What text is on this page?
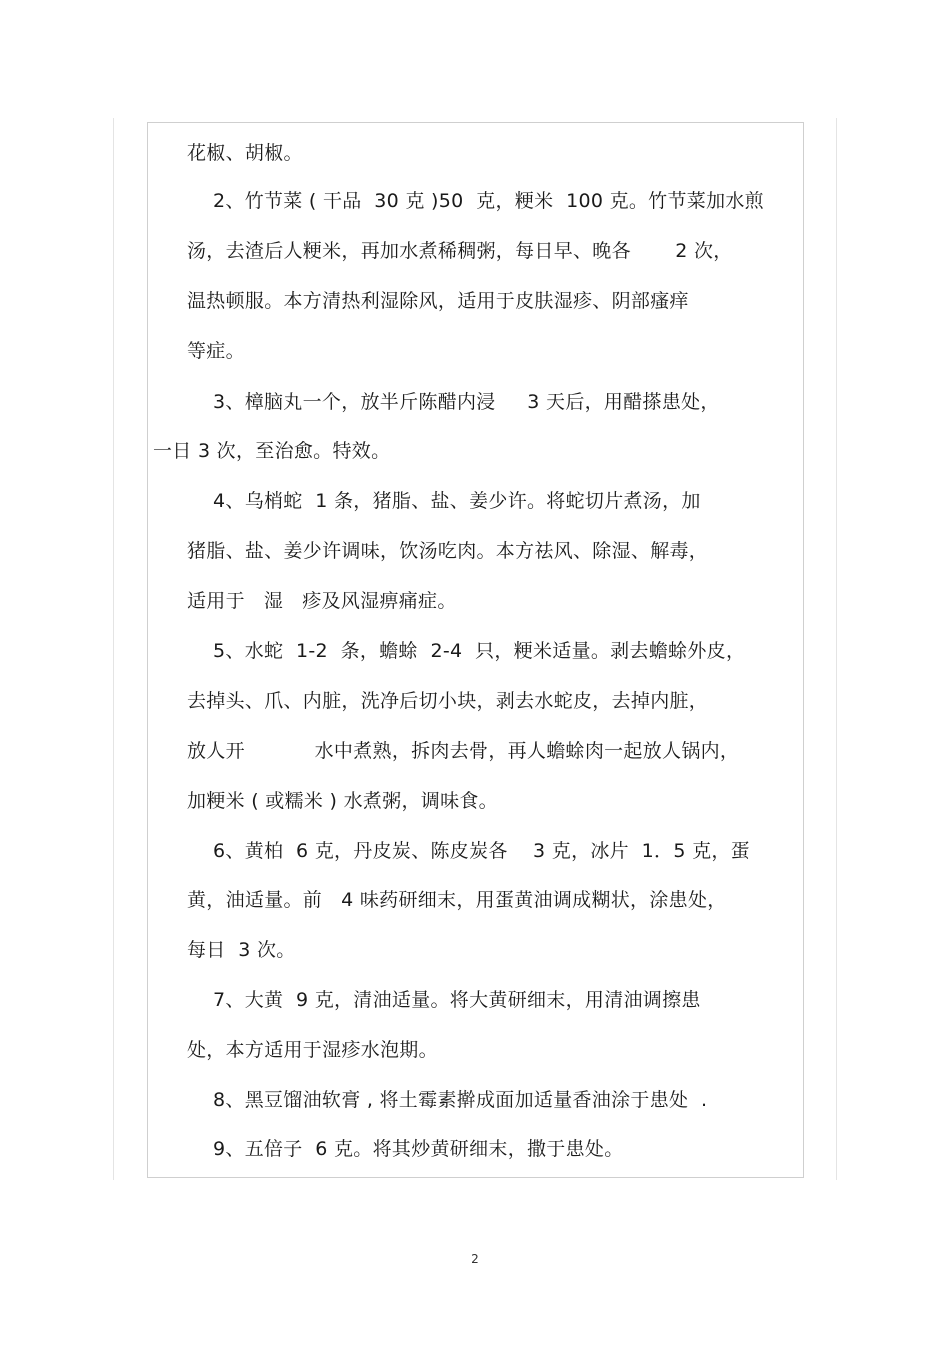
花椒、胡椒。
2、竹节菜 ( 干品  30 克 )50  克，粳米  100 克。竹节菜加水煎
汤，去渣后人粳米，再加水煮稀稠粥，每日早、晚各       2 次，
温热顿服。本方清热利湿除风，适用于皮肤湿疹、阴部瘙痒
等症。
3、樟脑丸一个，放半斤陈醋内浸     3 天后，用醋搽患处，
一日 3 次，至治愈。特效。
4、乌梢蛇  1 条，猪脂、盐、姜少许。将蛇切片煮汤，加
猪脂、盐、姜少许调味，饮汤吃肉。本方祛风、除湿、解毒，
适用于   湿   疹及风湿痹痛症。
5、水蛇  1-2  条，蟾蜍  2-4  只，粳米适量。剥去蟾蜍外皮，
去掉头、爪、内脏，洗净后切小块，剥去水蛇皮，去掉内脏，
放人开           水中煮熟，拆肉去骨，再人蟾蜍肉一起放人锅内，
加粳米 ( 或糯米 ) 水煮粥，调味食。
6、黄柏  6 克，丹皮炭、陈皮炭各    3 克，冰片  1．5 克，蛋
黄，油适量。前   4 味药研细末，用蛋黄油调成糊状，涂患处，
每日  3 次。
7、大黄  9 克，清油适量。将大黄研细末，用清油调擦患
处，本方适用于湿疹水泡期。
8、黑豆馏油软膏 , 将土霉素擀成面加适量香油涂于患处  .
9、五倍子  6 克。将其炒黄研细末，撒于患处。
2
